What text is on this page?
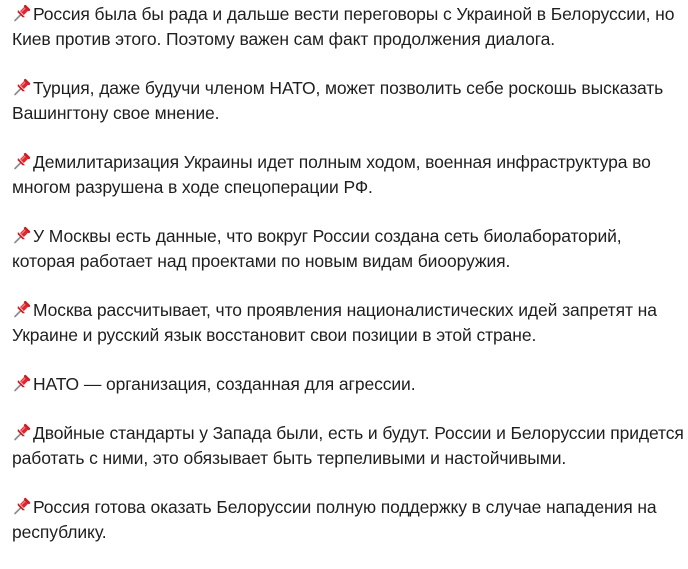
Россия была бы рада и дальше вести переговоры с Украиной в Белоруссии, но Киев против этого. Поэтому важен сам факт продолжения диалога.

Турция, даже будучи членом НАТО, может позволить себе роскошь высказать Вашингтону свое мнение.

Демилитаризация Украины идет полным ходом, военная инфраструктура во многом разрушена в ходе спецоперации РФ.

У Москвы есть данные, что вокруг России создана сеть биолабораторий, которая работает над проектами по новым видам биооружия.

Москва рассчитывает, что проявления националистических идей запретят на Украине и русский язык восстановит свои позиции в этой стране.

НАТО — организация, созданная для агрессии.

Двойные стандарты у Запада были, есть и будут. России и Белоруссии придется работать с ними, это обязывает быть терпеливыми и настойчивыми.

Россия готова оказать Белоруссии полную поддержку в случае нападения на республику.
